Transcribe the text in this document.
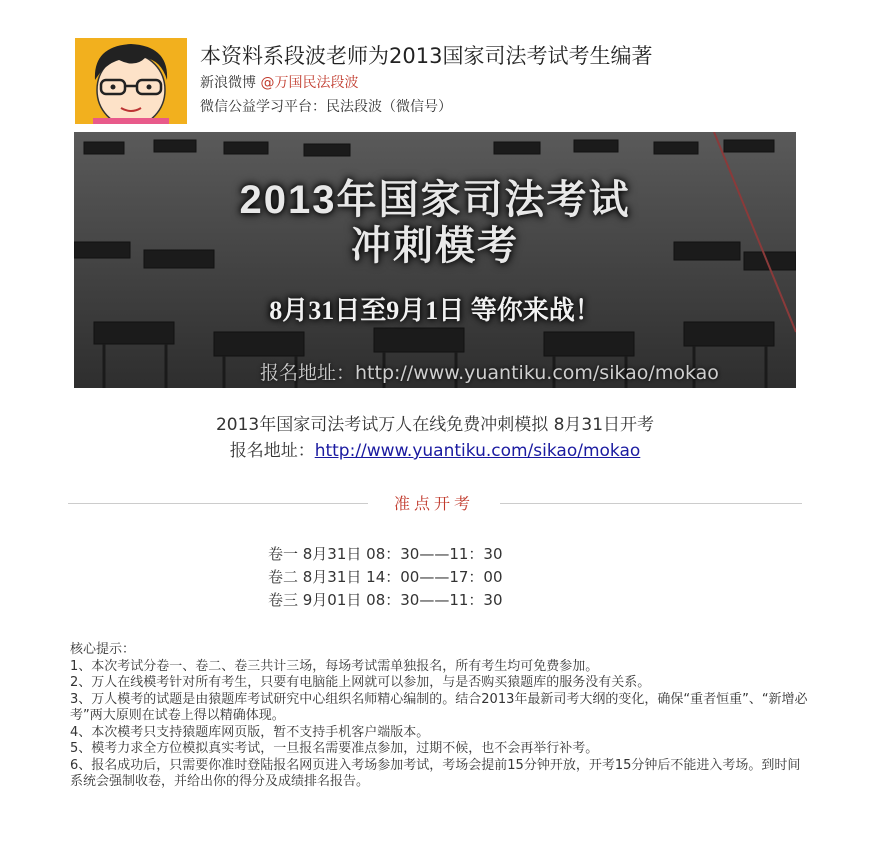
本资料系段波老师为2013国家司法考试考生编著
新浪微博 @万国民法段波
微信公益学习平台：民法段波（微信号）
2013年国家司法考试
冲刺模考
8月31日至9月1日 等你来战！
报名地址：http://www.yuantiku.com/sikao/mokao
2013年国家司法考试万人在线免费冲刺模拟 8月31日开考
报名地址：http://www.yuantiku.com/sikao/mokao
准点开考
卷一 8月31日 08：30——11：30
卷二 8月31日 14：00——17：00
卷三 9月01日 08：30——11：30
核心提示：
1、本次考试分卷一、卷二、卷三共计三场，每场考试需单独报名，所有考生均可免费参加。
2、万人在线模考针对所有考生，只要有电脑能上网就可以参加，与是否购买猿题库的服务没有关系。
3、万人模考的试题是由猿题库考试研究中心组织名师精心编制的。结合2013年最新司考大纲的变化，确保“重者恒重”、“新增必考”两大原则在试卷上得以精确体现。
4、本次模考只支持猿题库网页版，暂不支持手机客户端版本。
5、模考力求全方位模拟真实考试，一旦报名需要准点参加，过期不候，也不会再举行补考。
6、报名成功后，只需要你准时登陆报名网页进入考场参加考试，考场会提前15分钟开放，开考15分钟后不能进入考场。到时间系统会强制收卷，并给出你的得分及成绩排名报告。
